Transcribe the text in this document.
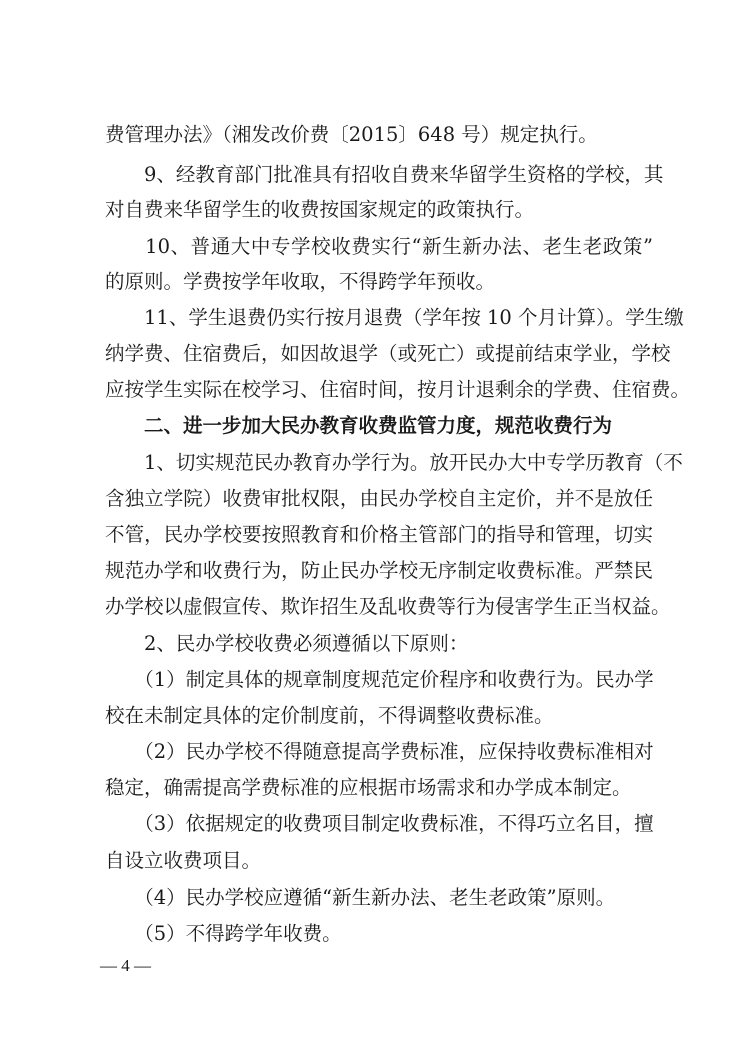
费管理办法》（湘发改价费〔2015〕648 号）规定执行。
　　9、经教育部门批准具有招收自费来华留学生资格的学校，其
对自费来华留学生的收费按国家规定的政策执行。
　　10、普通大中专学校收费实行“新生新办法、老生老政策”
的原则。学费按学年收取，不得跨学年预收。
　　11、学生退费仍实行按月退费（学年按 10 个月计算）。学生缴
纳学费、住宿费后，如因故退学（或死亡）或提前结束学业，学校
应按学生实际在校学习、住宿时间，按月计退剩余的学费、住宿费。
　　二、进一步加大民办教育收费监管力度，规范收费行为
　　1、切实规范民办教育办学行为。放开民办大中专学历教育（不
含独立学院）收费审批权限，由民办学校自主定价，并不是放任
不管，民办学校要按照教育和价格主管部门的指导和管理，切实
规范办学和收费行为，防止民办学校无序制定收费标准。严禁民
办学校以虚假宣传、欺诈招生及乱收费等行为侵害学生正当权益。
　　2、民办学校收费必须遵循以下原则：
　　（1）制定具体的规章制度规范定价程序和收费行为。民办学
校在未制定具体的定价制度前，不得调整收费标准。
　　（2）民办学校不得随意提高学费标准，应保持收费标准相对
稳定，确需提高学费标准的应根据市场需求和办学成本制定。
　　（3）依据规定的收费项目制定收费标准，不得巧立名目，擅
自设立收费项目。
　　（4）民办学校应遵循“新生新办法、老生老政策”原则。
　　（5）不得跨学年收费。
— 4 —
